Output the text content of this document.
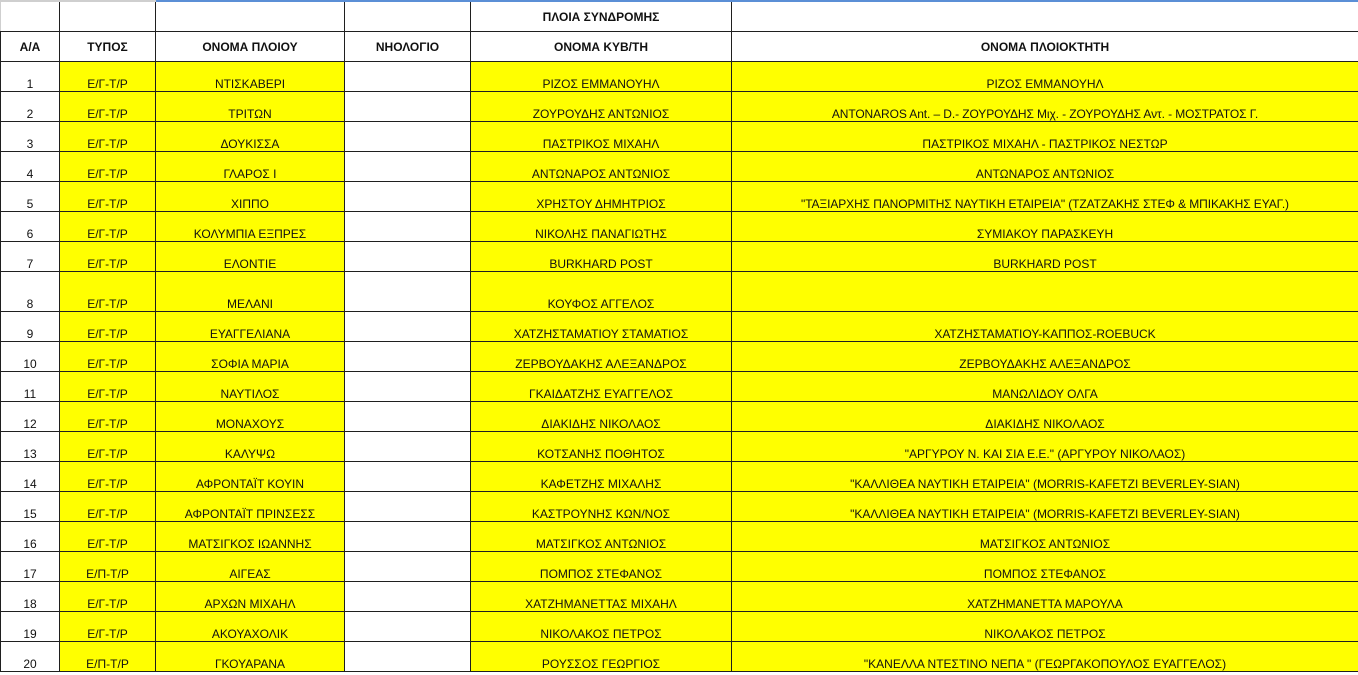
				ΠΛΟΙΑ ΣΥΝΔΡΟΜΗΣ	
Α/Α	ΤΥΠΟΣ	ΟΝΟΜΑ ΠΛΟΙΟΥ	ΝΗΟΛΟΓΙΟ	ΟΝΟΜΑ ΚΥΒ/ΤΗ	ΟΝΟΜΑ ΠΛΟΙΟΚΤΗΤΗ
1	Ε/Γ-Τ/Ρ	ΝΤΙΣΚΑΒΕΡΙ		ΡΙΖΟΣ ΕΜΜΑΝΟΥΗΛ	ΡΙΖΟΣ ΕΜΜΑΝΟΥΗΛ
2	Ε/Γ-Τ/Ρ	ΤΡΙΤΩΝ		ΖΟΥΡΟΥΔΗΣ ΑΝΤΩΝΙΟΣ	ANTONAROS Ant. – D.- ΖΟΥΡΟΥΔΗΣ Μιχ. - ΖΟΥΡΟΥΔΗΣ Αντ. - ΜΟΣΤΡΑΤΟΣ Γ.
3	Ε/Γ-Τ/Ρ	ΔΟΥΚΙΣΣΑ		ΠΑΣΤΡΙΚΟΣ ΜΙΧΑΗΛ	ΠΑΣΤΡΙΚΟΣ ΜΙΧΑΗΛ - ΠΑΣΤΡΙΚΟΣ ΝΕΣΤΩΡ
4	Ε/Γ-Τ/Ρ	ΓΛΑΡΟΣ Ι		ΑΝΤΩΝΑΡΟΣ ΑΝΤΩΝΙΟΣ	ΑΝΤΩΝΑΡΟΣ ΑΝΤΩΝΙΟΣ
5	Ε/Γ-Τ/Ρ	ΧΙΠΠΟ		ΧΡΗΣΤΟΥ ΔΗΜΗΤΡΙΟΣ	"ΤΑΞΙΑΡΧΗΣ ΠΑΝΟΡΜΙΤΗΣ ΝΑΥΤΙΚΗ ΕΤΑΙΡΕΙΑ" (ΤΖΑΤΖΑΚΗΣ ΣΤΕΦ & ΜΠΙΚΑΚΗΣ ΕΥΑΓ.)
6	Ε/Γ-Τ/Ρ	ΚΟΛΥΜΠΙΑ ΕΞΠΡΕΣ		ΝΙΚΟΛΗΣ ΠΑΝΑΓΙΩΤΗΣ	ΣΥΜΙΑΚΟΥ ΠΑΡΑΣΚΕΥΗ
7	Ε/Γ-Τ/Ρ	ΕΛΟΝΤΙΕ		BURKHARD POST	BURKHARD POST
8	Ε/Γ-Τ/Ρ	ΜΕΛΑΝΙ		ΚΟΥΦΟΣ ΑΓΓΕΛΟΣ	
9	Ε/Γ-Τ/Ρ	ΕΥΑΓΓΕΛΙΑΝΑ		ΧΑΤΖΗΣΤΑΜΑΤΙΟΥ ΣΤΑΜΑΤΙΟΣ	ΧΑΤΖΗΣΤΑΜΑΤΙΟΥ-ΚΑΠΠΟΣ-ROEBUCK
10	Ε/Γ-Τ/Ρ	ΣΟΦΙΑ ΜΑΡΙΑ		ΖΕΡΒΟΥΔΑΚΗΣ ΑΛΕΞΑΝΔΡΟΣ	ΖΕΡΒΟΥΔΑΚΗΣ ΑΛΕΞΑΝΔΡΟΣ
11	Ε/Γ-Τ/Ρ	ΝΑΥΤΙΛΟΣ		ΓΚΑΙΔΑΤΖΗΣ ΕΥΑΓΓΕΛΟΣ	ΜΑΝΩΛΙΔΟΥ ΟΛΓΑ
12	Ε/Γ-Τ/Ρ	ΜΟΝΑΧΟΥΣ		ΔΙΑΚΙΔΗΣ ΝΙΚΟΛΑΟΣ	ΔΙΑΚΙΔΗΣ ΝΙΚΟΛΑΟΣ
13	Ε/Γ-Τ/Ρ	ΚΑΛΥΨΩ		ΚΟΤΣΑΝΗΣ ΠΟΘΗΤΟΣ	"ΑΡΓΥΡΟΥ Ν. ΚΑΙ ΣΙΑ Ε.Ε." (ΑΡΓΥΡΟΥ ΝΙΚΟΛΑΟΣ)
14	Ε/Γ-Τ/Ρ	ΑΦΡΟΝΤΑΪΤ ΚΟΥΙΝ		ΚΑΦΕΤΖΗΣ ΜΙΧΑΛΗΣ	"ΚΑΛΛΙΘΕΑ ΝΑΥΤΙΚΗ ΕΤΑΙΡΕΙΑ" (MORRIS-KAFETZI BEVERLEY-SIAN)
15	Ε/Γ-Τ/Ρ	ΑΦΡΟΝΤΑΪΤ ΠΡΙΝΣΕΣΣ		ΚΑΣΤΡΟΥΝΗΣ ΚΩΝ/ΝΟΣ	"ΚΑΛΛΙΘΕΑ ΝΑΥΤΙΚΗ ΕΤΑΙΡΕΙΑ" (MORRIS-KAFETZI BEVERLEY-SIAN)
16	Ε/Γ-Τ/Ρ	ΜΑΤΣΙΓΚΟΣ ΙΩΑΝΝΗΣ		ΜΑΤΣΙΓΚΟΣ ΑΝΤΩΝΙΟΣ	ΜΑΤΣΙΓΚΟΣ ΑΝΤΩΝΙΟΣ
17	Ε/Π-Τ/Ρ	ΑΙΓΕΑΣ		ΠΟΜΠΟΣ ΣΤΕΦΑΝΟΣ	ΠΟΜΠΟΣ ΣΤΕΦΑΝΟΣ
18	Ε/Γ-Τ/Ρ	ΑΡΧΩΝ ΜΙΧΑΗΛ		ΧΑΤΖΗΜΑΝΕΤΤΑΣ ΜΙΧΑΗΛ	ΧΑΤΖΗΜΑΝΕΤΤΑ ΜΑΡΟΥΛΑ
19	Ε/Γ-Τ/Ρ	ΑΚΟΥΑΧΟΛΙΚ		ΝΙΚΟΛΑΚΟΣ ΠΕΤΡΟΣ	ΝΙΚΟΛΑΚΟΣ ΠΕΤΡΟΣ
20	Ε/Π-Τ/Ρ	ΓΚΟΥΑΡΑΝΑ		ΡΟΥΣΣΟΣ ΓΕΩΡΓΙΟΣ	"ΚΑΝΕΛΛΑ ΝΤΕΣΤΙΝΟ ΝΕΠΑ " (ΓΕΩΡΓΑΚΟΠΟΥΛΟΣ ΕΥΑΓΓΕΛΟΣ)
